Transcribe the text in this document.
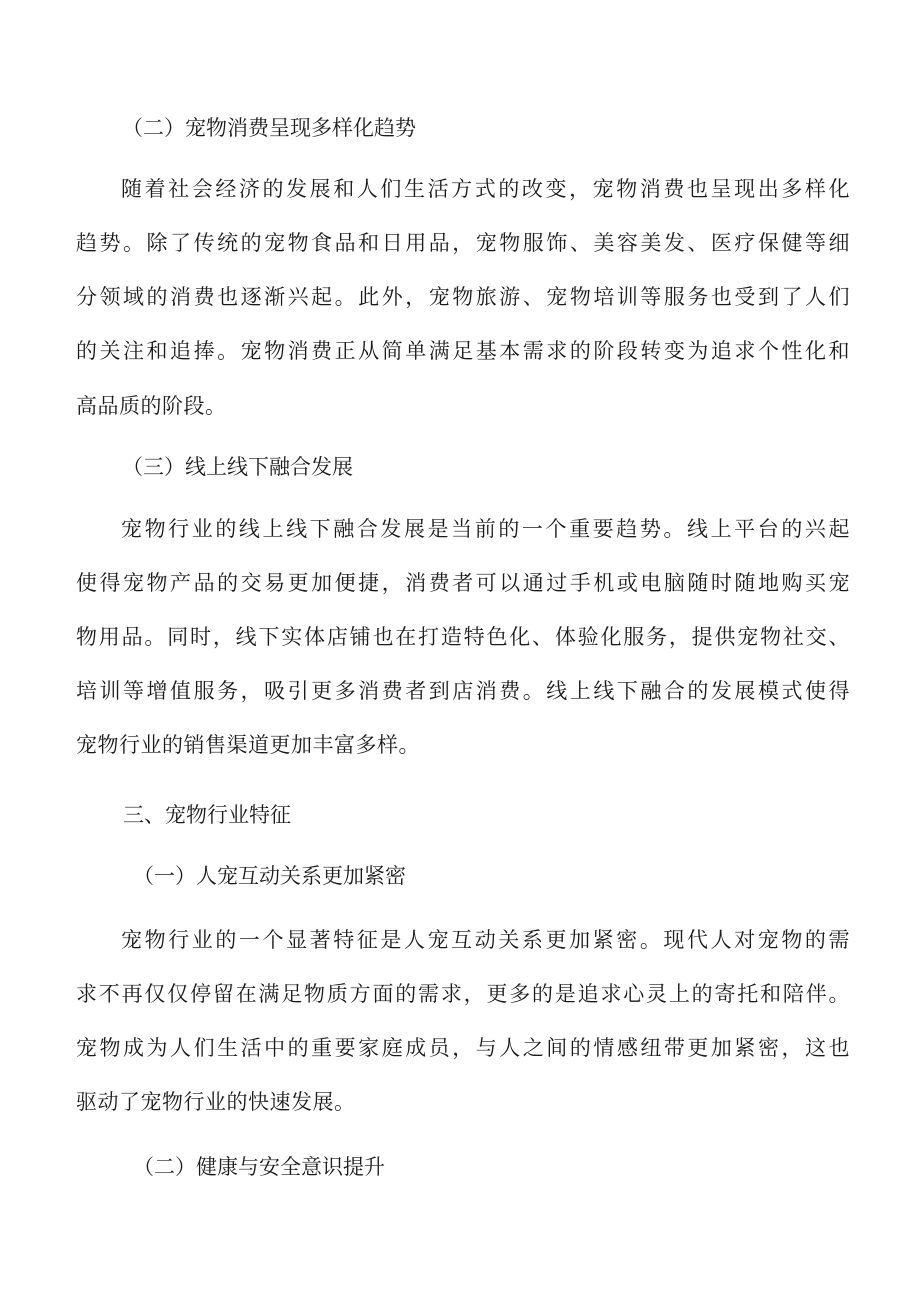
（二）宠物消费呈现多样化趋势

随着社会经济的发展和人们生活方式的改变，宠物消费也呈现出多样化

趋势。除了传统的宠物食品和日用品，宠物服饰、美容美发、医疗保健等细

分领域的消费也逐渐兴起。此外，宠物旅游、宠物培训等服务也受到了人们

的关注和追捧。宠物消费正从简单满足基本需求的阶段转变为追求个性化和

高品质的阶段。

（三）线上线下融合发展

宠物行业的线上线下融合发展是当前的一个重要趋势。线上平台的兴起

使得宠物产品的交易更加便捷，消费者可以通过手机或电脑随时随地购买宠

物用品。同时，线下实体店铺也在打造特色化、体验化服务，提供宠物社交、

培训等增值服务，吸引更多消费者到店消费。线上线下融合的发展模式使得

宠物行业的销售渠道更加丰富多样。

三、宠物行业特征

（一）人宠互动关系更加紧密

宠物行业的一个显著特征是人宠互动关系更加紧密。现代人对宠物的需

求不再仅仅停留在满足物质方面的需求，更多的是追求心灵上的寄托和陪伴。

宠物成为人们生活中的重要家庭成员，与人之间的情感纽带更加紧密，这也

驱动了宠物行业的快速发展。

（二）健康与安全意识提升
